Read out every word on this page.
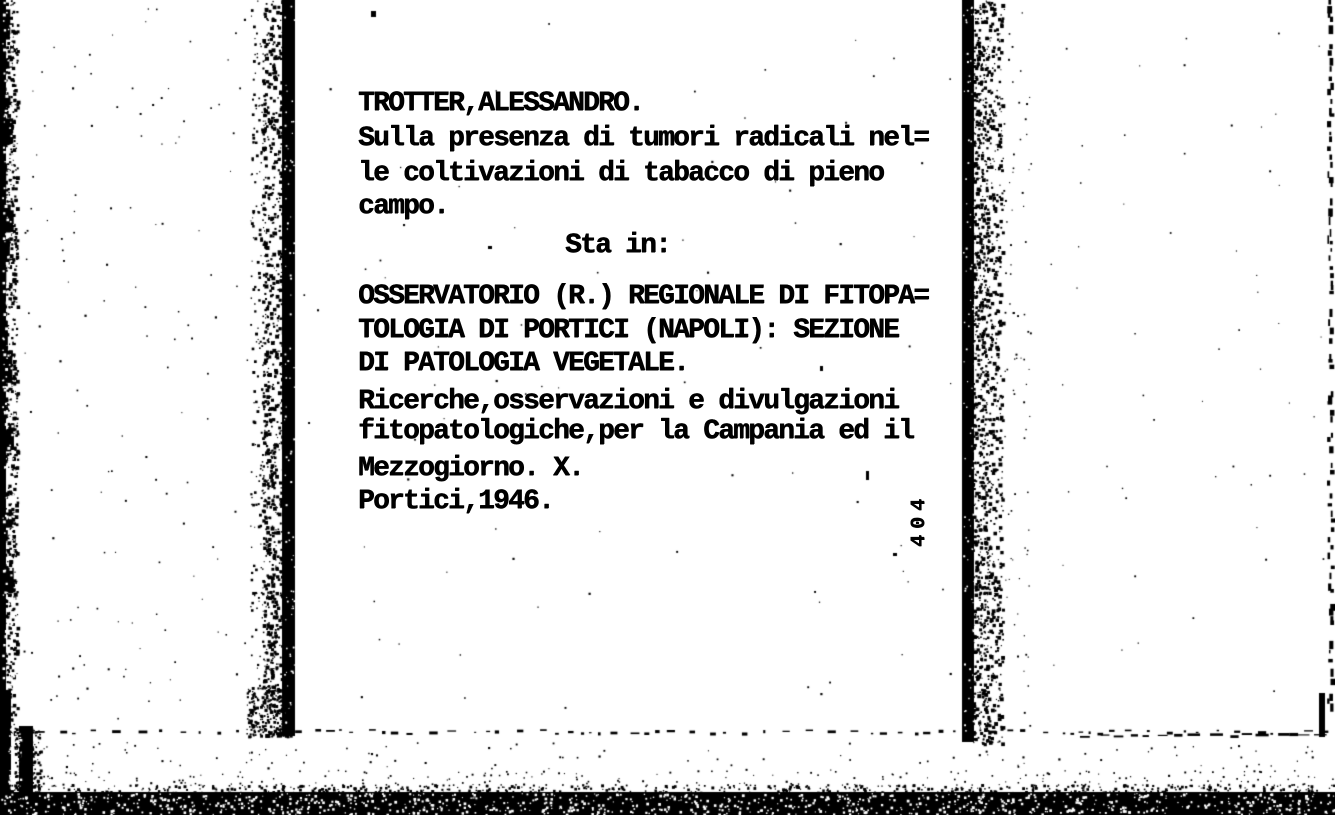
TROTTER,ALESSANDRO.
Sulla presenza di tumori radicali nel=
le coltivazioni di tabacco di pieno
campo.
Sta in:
OSSERVATORIO (R.) REGIONALE DI FITOPA=
TOLOGIA DI PORTICI (NAPOLI): SEZIONE
DI PATOLOGIA VEGETALE.
Ricerche,osservazioni e divulgazioni
fitopatologiche,per la Campania ed il
Mezzogiorno. X.
Portici,1946.	404
